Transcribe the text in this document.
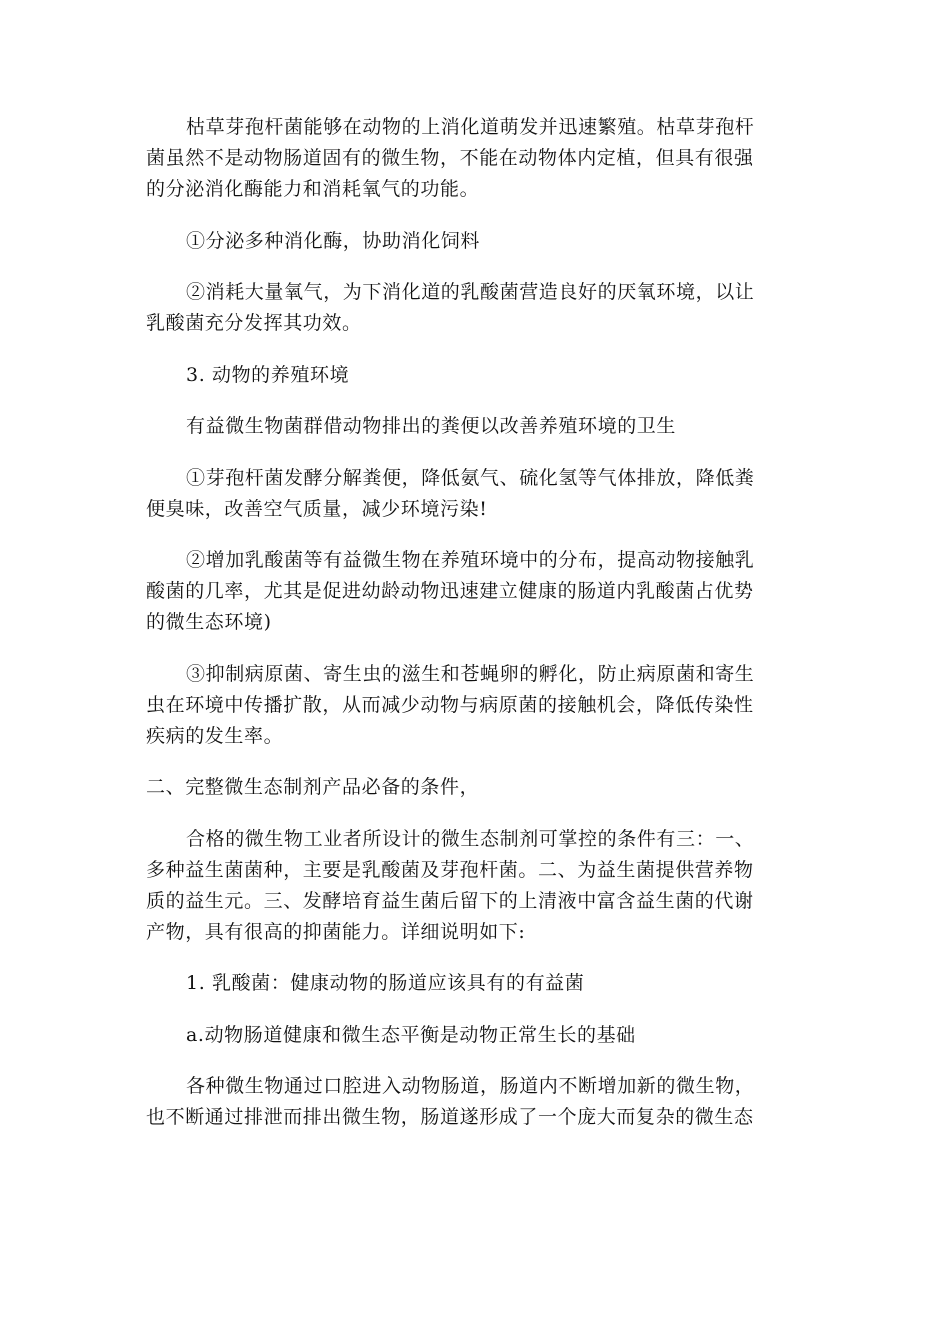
枯草芽孢杆菌能够在动物的上消化道萌发并迅速繁殖。枯草芽孢杆
菌虽然不是动物肠道固有的微生物，不能在动物体内定植，但具有很强
的分泌消化酶能力和消耗氧气的功能。

①分泌多种消化酶，协助消化饲料

②消耗大量氧气，为下消化道的乳酸菌营造良好的厌氧环境，以让
乳酸菌充分发挥其功效。

3. 动物的养殖环境

有益微生物菌群借动物排出的粪便以改善养殖环境的卫生

①芽孢杆菌发酵分解粪便，降低氨气、硫化氢等气体排放，降低粪
便臭味，改善空气质量，减少环境污染!

②增加乳酸菌等有益微生物在养殖环境中的分布，提高动物接触乳
酸菌的几率，尤其是促进幼龄动物迅速建立健康的肠道内乳酸菌占优势
的微生态环境)

③抑制病原菌、寄生虫的滋生和苍蝇卵的孵化，防止病原菌和寄生
虫在环境中传播扩散，从而减少动物与病原菌的接触机会，降低传染性
疾病的发生率。

二、完整微生态制剂产品必备的条件，

合格的微生物工业者所设计的微生态制剂可掌控的条件有三：一、
多种益生菌菌种，主要是乳酸菌及芽孢杆菌。二、为益生菌提供营养物
质的益生元。三、发酵培育益生菌后留下的上清液中富含益生菌的代谢
产物，具有很高的抑菌能力。详细说明如下:

1. 乳酸菌：健康动物的肠道应该具有的有益菌

a.动物肠道健康和微生态平衡是动物正常生长的基础

各种微生物通过口腔进入动物肠道，肠道内不断增加新的微生物，
也不断通过排泄而排出微生物，肠道遂形成了一个庞大而复杂的微生态
